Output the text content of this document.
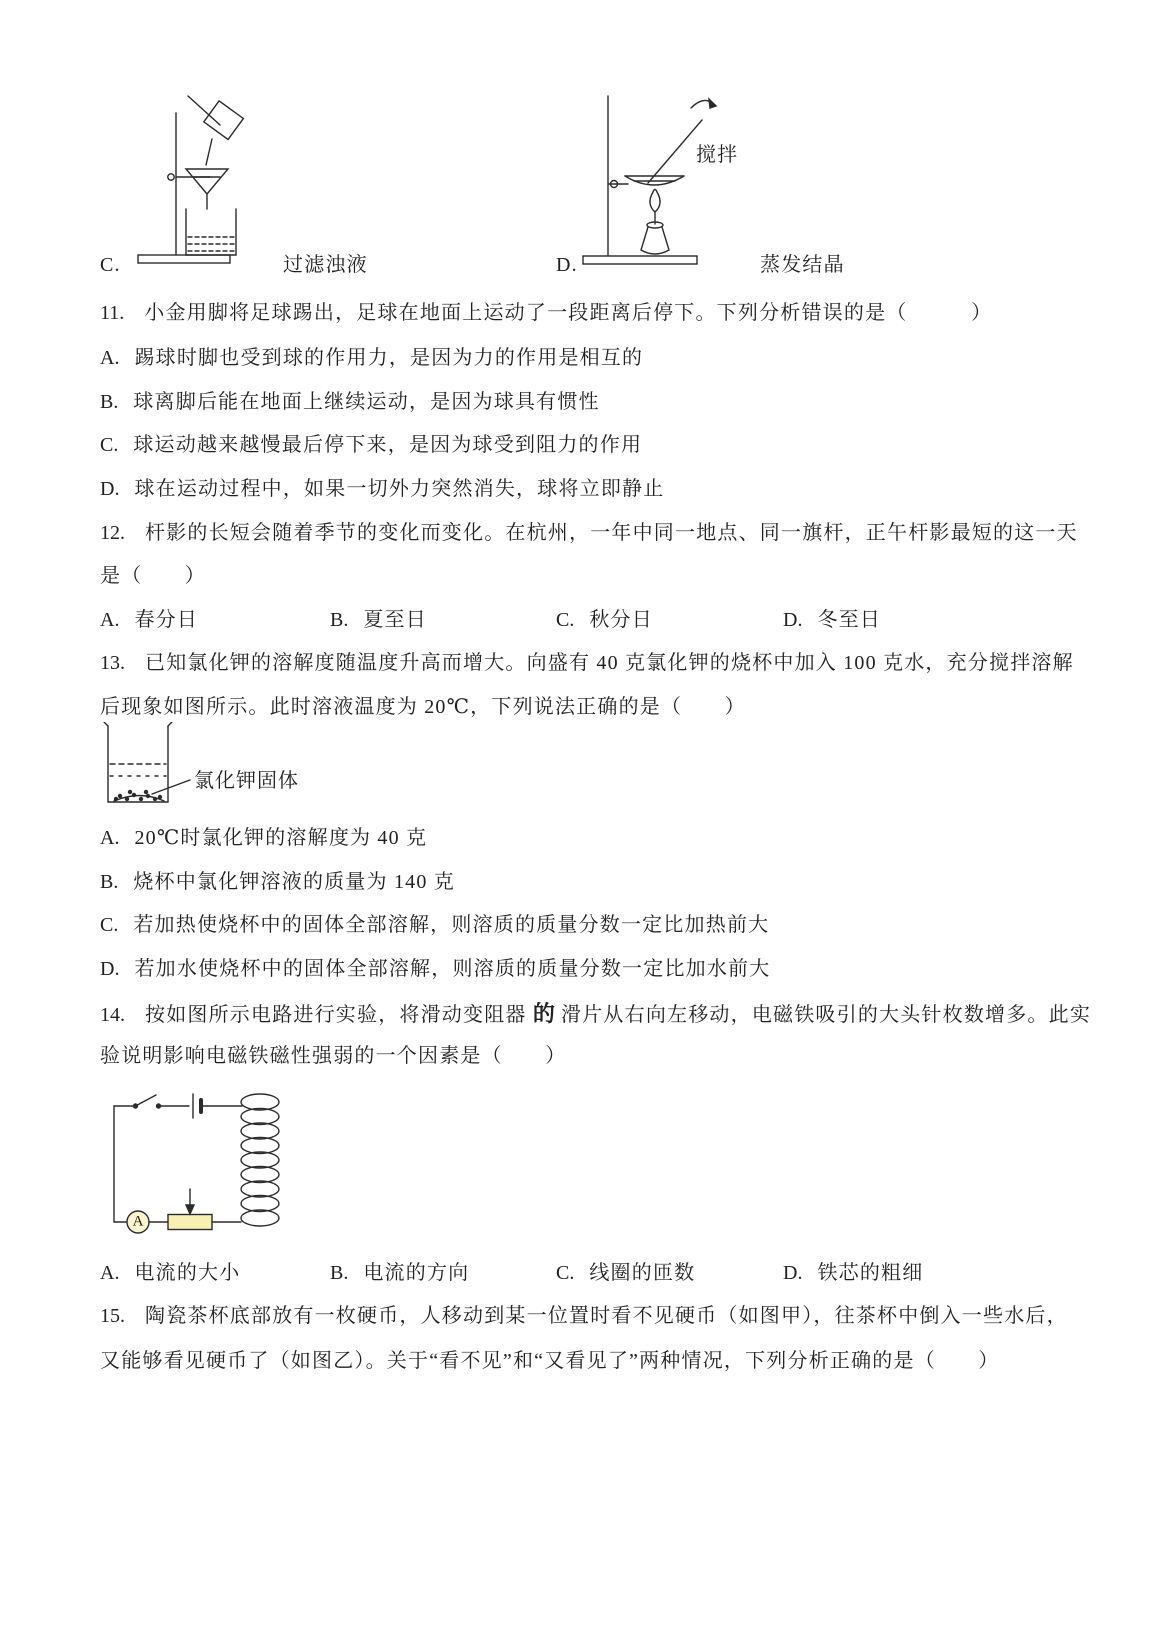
C.	过滤浊液	D.
搅拌
蒸发结晶
11. 小金用脚将足球踢出，足球在地面上运动了一段距离后停下。下列分析错误的是（　　　）
A. 踢球时脚也受到球的作用力，是因为力的作用是相互的
B. 球离脚后能在地面上继续运动，是因为球具有惯性
C. 球运动越来越慢最后停下来，是因为球受到阻力的作用
D. 球在运动过程中，如果一切外力突然消失，球将立即静止
12. 杆影的长短会随着季节的变化而变化。在杭州，一年中同一地点、同一旗杆，正午杆影最短的这一天
是（　　）
A. 春分日	B. 夏至日	C. 秋分日	D. 冬至日
13. 已知氯化钾的溶解度随温度升高而增大。向盛有 40 克氯化钾的烧杯中加入 100 克水，充分搅拌溶解
后现象如图所示。此时溶液温度为 20℃，下列说法正确的是（　　）
氯化钾固体
A. 20℃时氯化钾的溶解度为 40 克
B. 烧杯中氯化钾溶液的质量为 140 克
C. 若加热使烧杯中的固体全部溶解，则溶质的质量分数一定比加热前大
D. 若加水使烧杯中的固体全部溶解，则溶质的质量分数一定比加水前大
14. 按如图所示电路进行实验，将滑动变阻器 的 滑片从右向左移动，电磁铁吸引的大头针枚数增多。此实
验说明影响电磁铁磁性强弱的一个因素是（　　）
A
A. 电流的大小	B. 电流的方向	C. 线圈的匝数	D. 铁芯的粗细
15. 陶瓷茶杯底部放有一枚硬币，人移动到某一位置时看不见硬币（如图甲），往茶杯中倒入一些水后，
又能够看见硬币了（如图乙）。关于“看不见”和“又看见了”两种情况，下列分析正确的是（　　）
